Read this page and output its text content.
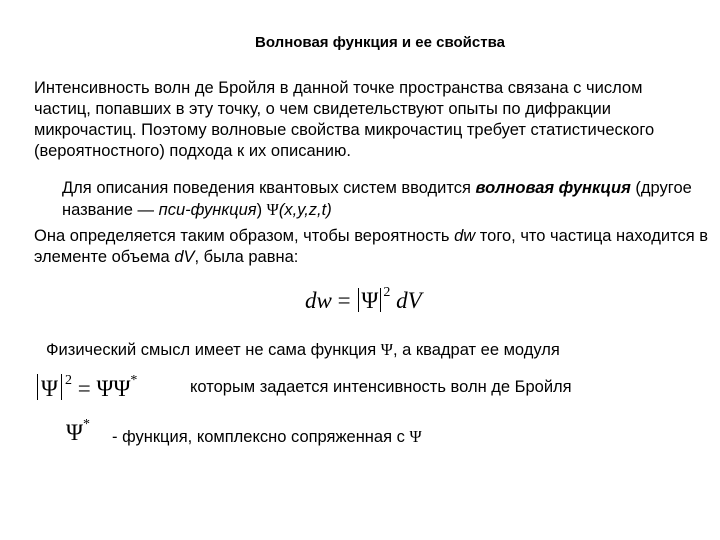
Волновая функция и ее свойства
Интенсивность волн де Бройля в данной точке пространства связана с числом частиц, попавших в эту точку, о чем свидетельствуют опыты по дифракции микрочастиц. Поэтому волновые свойства микрочастиц требует статистического (вероятностного) подхода к их описанию.
Для описания поведения квантовых систем вводится волновая функция (другое название — пси-функция) Ψ(x,y,z,t)
Она определяется таким образом, чтобы вероятность dw того, что частица находится в элементе объема dV, была равна:
dw = Ψ $^2$ dV
Физический смысл имеет не сама функция Ψ, а квадрат ее модуля
Ψ $^2$ = ΨΨ*	которым задается интенсивность волн де Бройля
Ψ*
- функция, комплексно сопряженная с Ψ
